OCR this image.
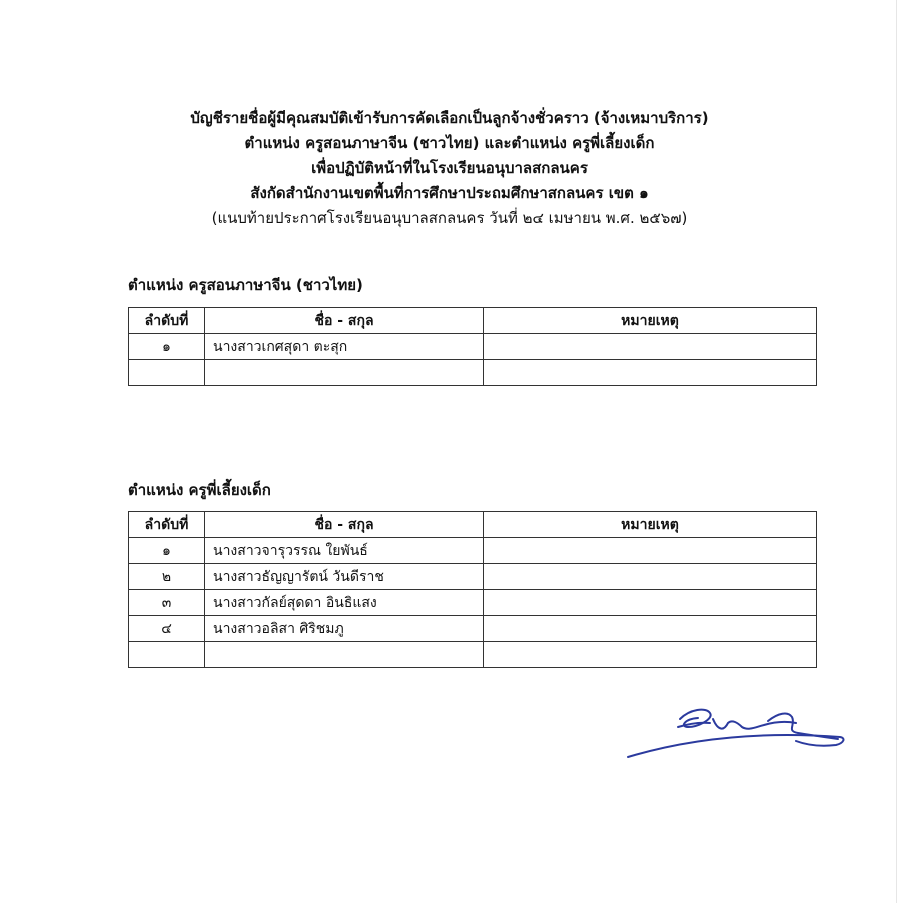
บัญชีรายชื่อผู้มีคุณสมบัติเข้ารับการคัดเลือกเป็นลูกจ้างชั่วคราว (จ้างเหมาบริการ)
ตำแหน่ง ครูสอนภาษาจีน (ชาวไทย) และตำแหน่ง ครูพี่เลี้ยงเด็ก
เพื่อปฏิบัติหน้าที่ในโรงเรียนอนุบาลสกลนคร
สังกัดสำนักงานเขตพื้นที่การศึกษาประถมศึกษาสกลนคร เขต ๑
(แนบท้ายประกาศโรงเรียนอนุบาลสกลนคร วันที่ ๒๔ เมษายน พ.ศ. ๒๕๖๗)
ตำแหน่ง ครูสอนภาษาจีน (ชาวไทย)
ลำดับที่	ชื่อ - สกุล	หมายเหตุ
๑	นางสาวเกศสุดา ตะสุก	

ตำแหน่ง ครูพี่เลี้ยงเด็ก
ลำดับที่	ชื่อ - สกุล	หมายเหตุ
๑	นางสาวจารุวรรณ ใยพันธ์	
๒	นางสาวธัญญารัตน์ วันดีราช	
๓	นางสาวกัลย์สุดดา อินธิแสง	
๔	นางสาวอลิสา ศิริชมภู	
